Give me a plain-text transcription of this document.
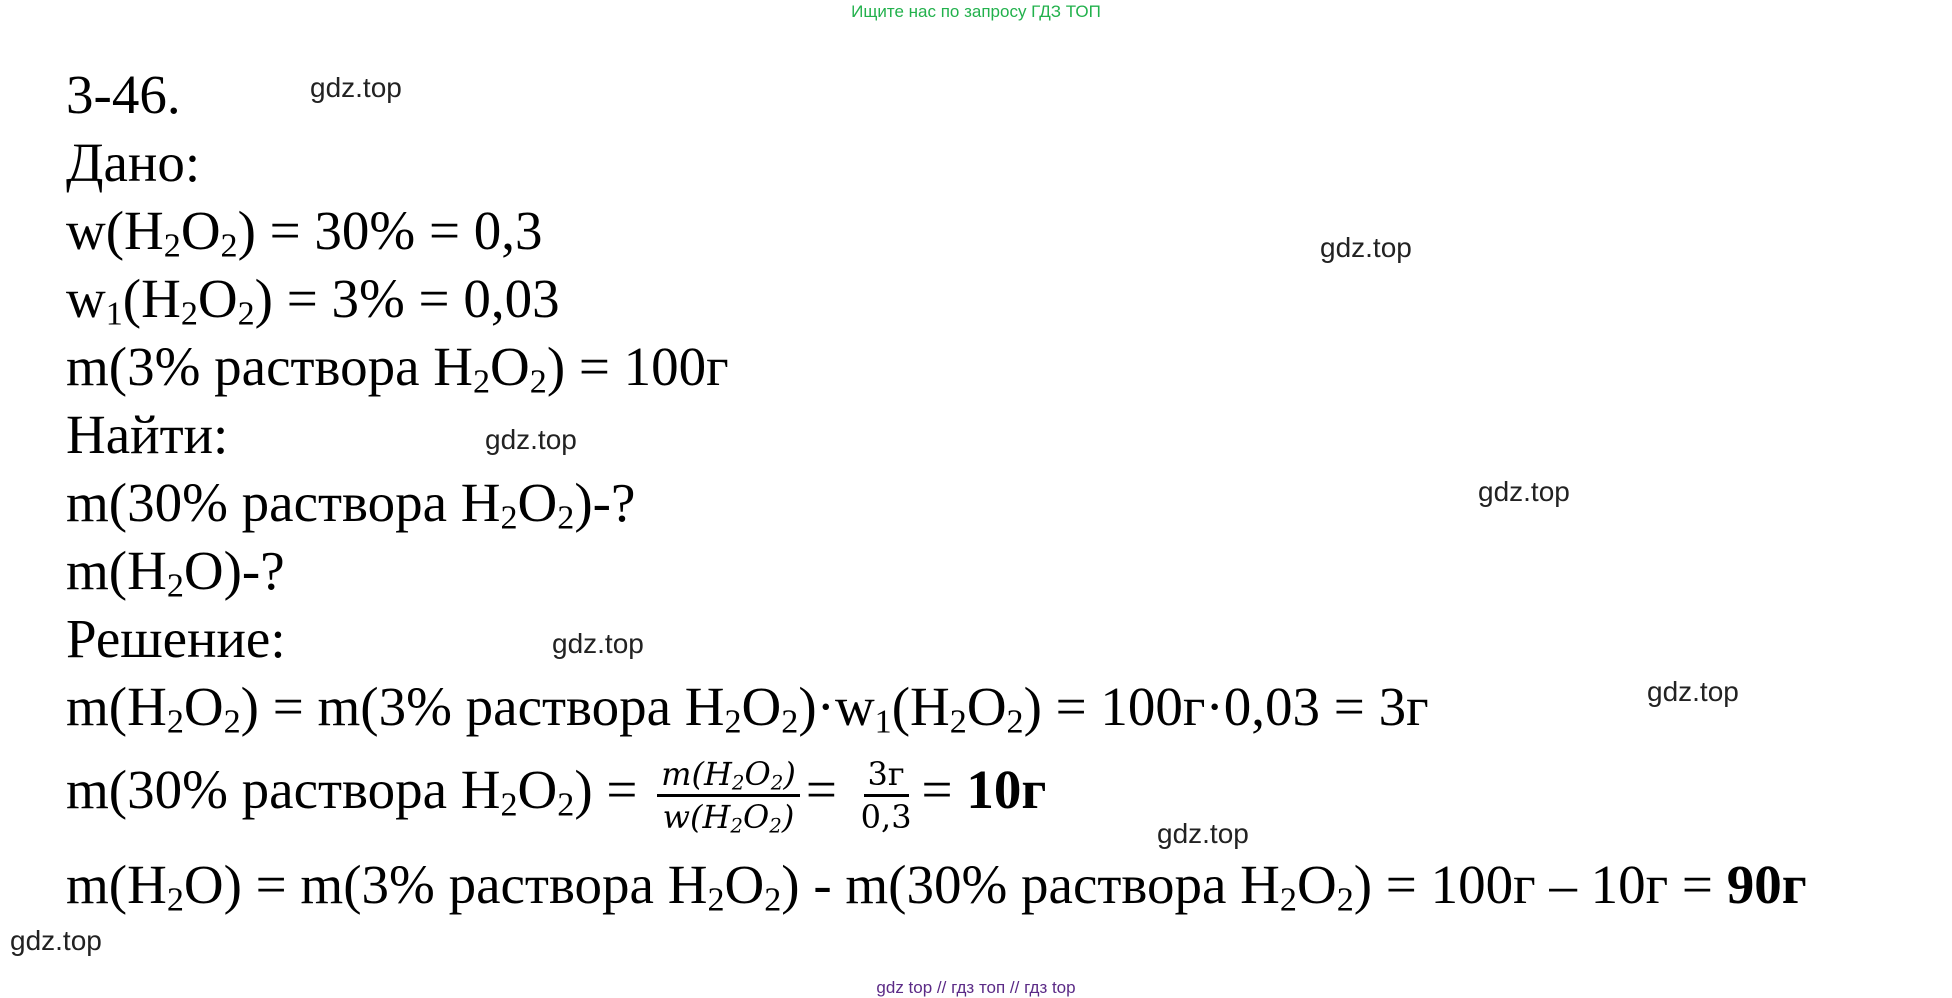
Ищите нас по запросу ГДЗ ТОП
3-46.
Дано:
$w(H_2O_2) = 30\% = 0,3$
$w_1(H_2O_2) = 3\% = 0,03$
m(3% раствора $H_2O_2) = 100г$
Найти:
m(30% раствора $H_2O_2)-$?
$m(H_2O)-$?
Решение:
$m(H_2O_2) = m(3\%$ раствора $H_2O_2)\cdot w_1(H_2O_2) = 100г\cdot 0,03 = 3г$
m(30% раствора $H_2O_2) = \frac{m(H_2O_2)}{w(H_2O_2)} = \frac{3г}{0,3} = 10г$
$m(H_2O) = m(3\%$ раствора $H_2O_2) - m(30\%$ раствора $H_2O_2) = 100г - 10г = 90г$
gdz.top
gdz.top
gdz.top
gdz.top
gdz.top
gdz.top
gdz.top
gdz.top
gdz top // гдз топ // гдз top
